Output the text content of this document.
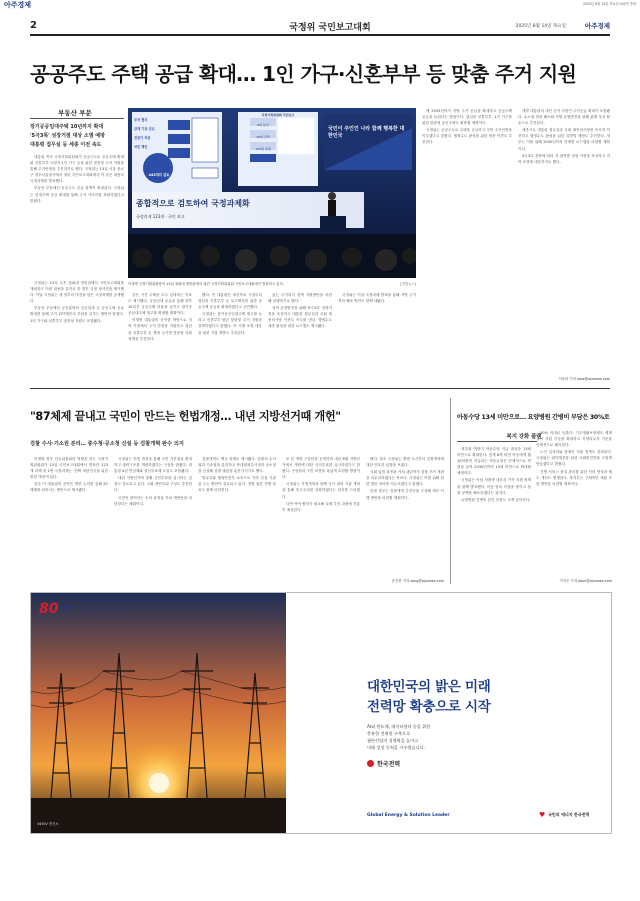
아주경제	2025년 8월 14일 목요일 002면 종합
2	국정위 국민보고대회	2025년 8월 14일 목요일	아주경제
공공주도 주택 공급 확대… 1인 가구·신혼부부 등 맞춤 주거 지원
부동산 부문
장기공공임대주택 10년까지 확대
'5극3특' 성장거점 대상 소멸 예방
대통령 집무실 등 세종 이전 속도

대통령 직속 국정기획위원회가 공공주도로 공공주택 확대와 신혼부부·고령자·1인 가구 등을 위한 맞춤형 주거 지원을 통해 주거안정을 추진하기로 했다. 국정위는 13일 서울 종로구 정부서울청사에서 열린 국민보고대회에서 이 같은 내용의 국정과제를 발표했다.

부동산 부문에선 공공주도 공급 정책이 확대된다. 국정위는 임대주택 공급 확대를 통해 주거 사다리를 복원하겠다고 밝혔다.

국정위는 13일 오후 청와대 영빈관에서 국민보고대회를 개최하고 이런 내용을 골자로 한 향후 국정 청사진을 제시했다. 이날 국정위는 새 정부의 비전을 담은 국정과제를 공개했다.

부동산 부문에선 공공분양과 공공임대 등 공공주택 공급 확대를 통해 주거 취약계층의 부담을 낮추는 방안이 담겼다. 1인 가구와 신혼부부 맞춤형 지원도 포함됐다.

부처 협의
관계 기관 검토
전문가 자문
국민 제안
443개의 검토
국정기획위원회 국민보고
6대 분야
20대 전략
123대 과제
국민이 주인인 나라 함께 행복한 대한민국
종합적으로 검토하여 국정과제화
국정과제 123개 · 국민 보고
이재명 국정기획위원장이 13일 청와대 영빈관에서 열린 국정기획위원회 국민보고대회에서 발표하고 있다.	[연합뉴스]

같은 기간 주택을 모두 임대하는 목표도 제시했다. 공공임대 공급을 통해 향후 10년간 공공주택 비율을 높이고 장기공공임대주택 재고를 확대할 계획이다.

이재명 대통령의 공약을 바탕으로 지역 거점에서 주거 안정을 지원하고 청년과 신혼부부 등 생애 주기별 맞춤형 지원 정책을 추진한다.

했다. 이 대통령은 대선후보 시절부터 청년과 신혼부부 등 무주택자를 위한 공공주택 공급을 확대하겠다고 공언했다.

국정위는 장기공공임대주택 재고를 늘리고 신혼부부·청년 맞춤형 주거 지원을 강화하겠다고 밝혔다. 또 지방 소멸 대응을 위한 거점 개발도 추진된다.

있는 주거복지 정책 지원방안을 마련해 실행하기로 했다.

지역 균형발전을 위해 '5극3특' 성장거점을 육성하고 대통령 집무실과 국회 세종의사당 이전도 속도를 낸다. 행정수도 세종 완성을 위한 로드맵도 제시됐다.

국정위는 이날 국정과제 발표를 통해 지방 주거 격차 해소 방안도 함께 내놨다.

에 2035년까지 지방 주거 공급을 확대하고 공공주택 공급을 늘린다는 방침이다. 청년과 신혼부부, 1인 가구를 위한 맞춤형 공공주택도 확충할 예정이다.

국정위는 공공주도로 주택을 공급하고 국민 주거안정을 이루겠다고 밝혔다. 행정수도 완성을 위한 세종 이전도 추진한다.

개발 대통령의 대선 공약 사항인 주거공급 확대가 포함됐다. 수도권 집중 해소와 지방 균형발전을 위해 관계 부처 합동으로 추진된다.

세종시로 대통령 집무실과 국회 세종의사당을 조속히 이전하고 행정수도 완성을 위한 특별법 제정도 추진한다. 정부는 이를 위해 2030년까지 단계별 로드맵을 마련할 계획이다.

5극3특 전략에 따라 각 권역별 성장 거점을 육성하고 지역 소멸에 대응하기로 했다.

이소라 기자 sora@ajunews.com
"87체제 끝내고 국민이 만드는 헌법개정… 내년 지방선거때 개헌"
검찰 수사·기소권 분리… 중수청·공소청 신설 등 검찰개혁 완수 의지

이재명 정부 인수위원회의 역할을 하는 국정기획위원회가 13일 국민보고대회에서 발표한 123개 과제 중 1번 국정과제는 '진짜 대한민국을 위한 헌법 개정'이었다.

일부 이 대통령의 공약은 개헌 논의를 통해 87체제를 넘어서는 방안으로 제시됐다.

국정위는 헌법 개정을 통해 국민 기본권을 확대하고 권력구조를 개편하겠다는 구상을 밝혔다. 대통령 4년 연임제와 결선투표제 도입도 포함됐다.

내년 지방선거에 맞춰 국민투표를 실시하는 일정도 검토되고 있다. 국회 개헌특위 구성도 추진한다.

국민이 참여하는 숙의 과정을 거쳐 개헌안을 마련한다는 계획이다.

검찰개혁도 핵심 과제로 제시됐다. 검찰의 수사권과 기소권을 분리하고 중대범죄수사청과 공소청을 신설해 검찰 권한을 분산시키기로 했다.

법무부와 행정안전부 소속으로 각각 신설 기관을 두는 방안이 검토되고 있다. 경찰 권한 견제 장치도 함께 마련한다.

또 한 개헌 구상안을 공개하며 내년 6월 지방선거에서 개헌에 대한 국민투표를 실시하겠다고 밝혔다. 구성원과 국민 의견을 폭넓게 수렴할 방침이다.

국정위는 사법개혁과 함께 국가 권력 기관 개혁을 통해 민주주의를 강화하겠다는 의지를 드러냈다.

다만 여야 합의가 필요해 실제 추진 과정에 진통이 예상된다.

했다. 당초 국정위는 출범 초기부터 검찰개혁에 대한 단호한 입장을 보였다.

국회 입법 과정을 거쳐 내년까지 검찰 조직 개편을 마무리하겠다는 목표다. 국정위는 이를 위해 관련 법안 처리를 서두르겠다고 밝혔다.

한편 정부는 검찰개혁 추진단을 구성해 세부 이행 방안을 마련할 계획이다.

송승현 기자 song@ajunews.com
아동수당 13세 미만으로… 요양병원 간병비 부담은 30%로
복지 강화 플랜

정부와 여당이 아동수당 지급 대상을 13세 미만으로 확대한다. 현재 8세 미만 아동에게 월 10만원씩 지급되는 아동수당은 단계적으로 연령을 높여 2030년까지 13세 미만으로 확대될 예정이다.

국정위는 이날 저출생 대응과 가족 지원 정책을 함께 발표했다. 아동 양육 부담을 줄이고 돌봄 공백을 해소하겠다는 취지다.

요양병원 간병비 본인 부담도 크게 낮아진다.

30% 이내로 낮춘다. 기초생활보장제도 생계급여 지원 기준을 확대하고 부양의무자 기준을 단계적으로 폐지한다.

노인 일자리와 장애인 지원 정책도 강화된다. 국정위는 취약계층을 위한 사회안전망을 두텁게 만들겠다고 밝혔다.

간병 서비스 품질 관리를 위한 인력 양성과 제도 개선도 병행한다. 복지부는 구체적인 재원 조달 방안을 마련할 계획이다.

이지은 기자 jieun@ajunews.com
345kV 변전소
80 창립 80
대한민국의 밝은 미래
전력망 확충으로 시작
AI와 반도체, 데이터센터 등을 위한
충분한 전력망 구축으로
첨단산업의 경쟁력을 높이고
미래 성장 동력을 키우겠습니다.
한국전력
Global Energy & Solution Leader	♥ 국민의 에너지 한국전력
